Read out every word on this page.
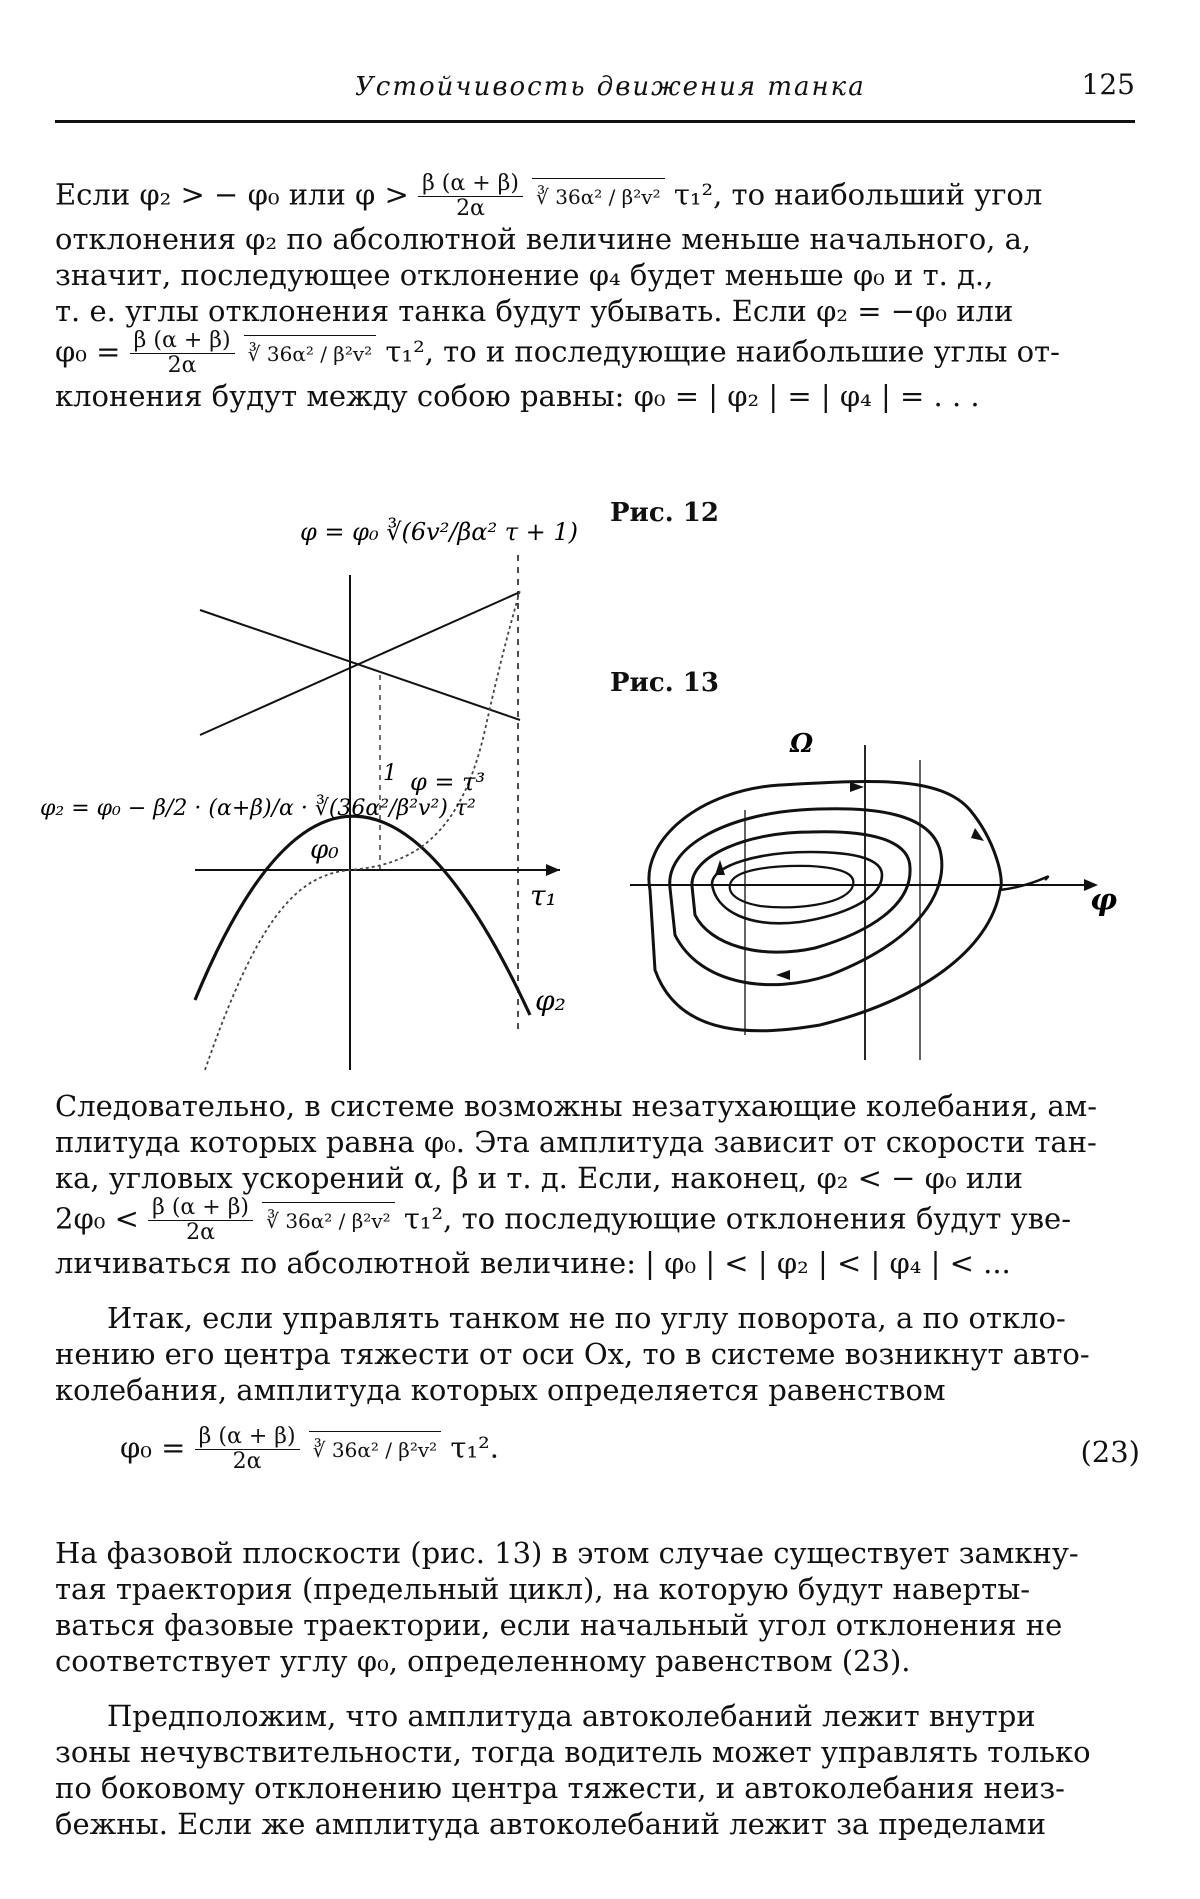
Устойчивость движения танка	125
Если φ₂ > − φ₀ или $\varphi > \frac{\beta (\alpha + \beta)}{2\alpha}$ ∛ 36α² / β²v² τ₁², то наибольший угол
отклонения φ₂ по абсолютной величине меньше начального, а,
значит, последующее отклонение φ₄ будет меньше φ₀ и т. д.,
т. е. углы отклонения танка будут убывать. Если φ₂ = −φ₀ или
$\varphi_0 = \frac{\beta (\alpha + \beta)}{2\alpha}$ ∛ 36α² / β²v² τ₁², то и последующие наибольшие углы от-
клонения будут между собою равны: φ₀ = | φ₂ | = | φ₄ | = . . .
Рис. 12
Рис. 13
φ = φ₀ ∛(6v²/βα² τ + 1)
φ₂ = φ₀ − β/2 · (α+β)/α · ∛(36α²/β²v²) τ²
φ = τ³
φ₀
τ₁
φ₂
1
Ω
φ
Следовательно, в системе возможны незатухающие колебания, ам-
плитуда которых равна φ₀. Эта амплитуда зависит от скорости тан-
ка, угловых ускорений α, β и т. д. Если, наконец, φ₂ < − φ₀ или
$2\varphi_0 < \frac{\beta (\alpha + \beta)}{2\alpha}$ ∛ 36α² / β²v² τ₁², то последующие отклонения будут уве-
личиваться по абсолютной величине: | φ₀ | < | φ₂ | < | φ₄ | < ...
Итак, если управлять танком не по углу поворота, а по откло-
нению его центра тяжести от оси Ox, то в системе возникнут авто-
колебания, амплитуда которых определяется равенством
$\varphi_0 = \frac{\beta (\alpha + \beta)}{2\alpha}$ ∛ 36α² / β²v² τ₁².	(23)
На фазовой плоскости (рис. 13) в этом случае существует замкну-
тая траектория (предельный цикл), на которую будут наверты-
ваться фазовые траектории, если начальный угол отклонения не
соответствует углу φ₀, определенному равенством (23).
Предположим, что амплитуда автоколебаний лежит внутри
зоны нечувствительности, тогда водитель может управлять только
по боковому отклонению центра тяжести, и автоколебания неиз-
бежны. Если же амплитуда автоколебаний лежит за пределами
